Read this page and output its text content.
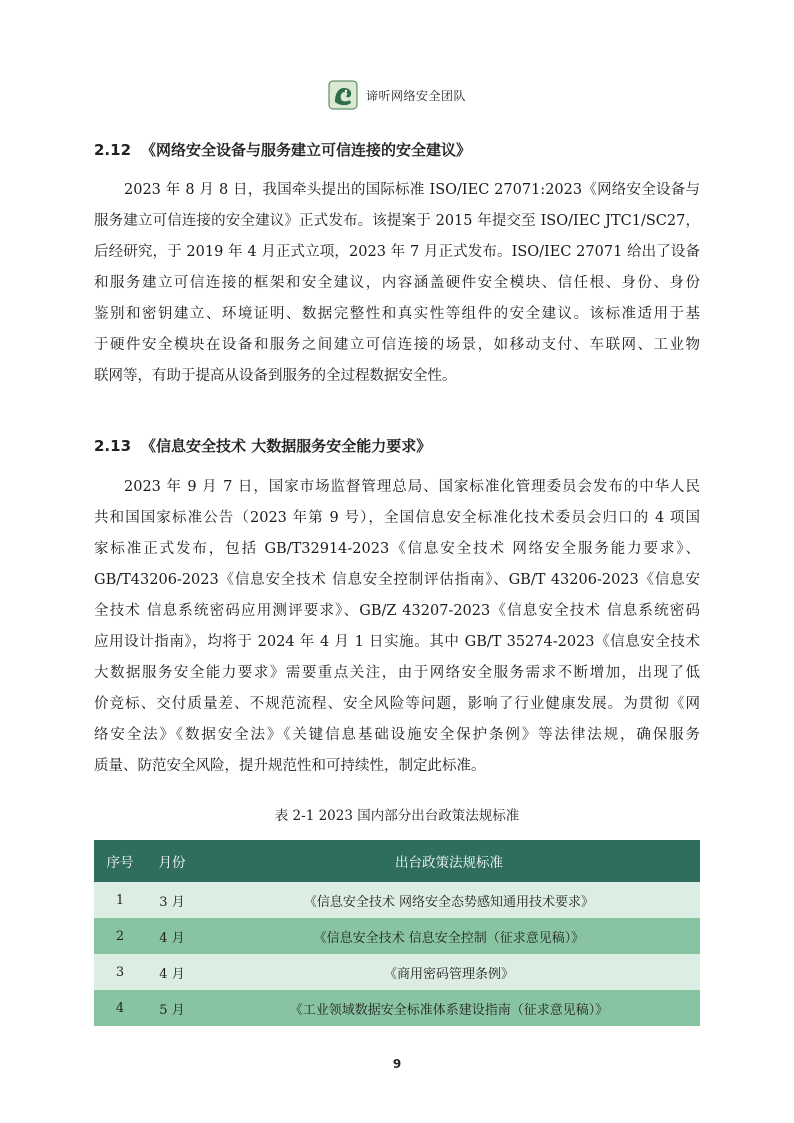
谛听网络安全团队
2.12 《网络安全设备与服务建立可信连接的安全建议》
2023 年 8 月 8 日，我国牵头提出的国际标准 ISO/IEC 27071:2023《网络安全设备与
服务建立可信连接的安全建议》正式发布。该提案于 2015 年提交至 ISO/IEC JTC1/SC27，
后经研究，于 2019 年 4 月正式立项，2023 年 7 月正式发布。ISO/IEC 27071 给出了设备
和服务建立可信连接的框架和安全建议，内容涵盖硬件安全模块、信任根、身份、身份
鉴别和密钥建立、环境证明、数据完整性和真实性等组件的安全建议。该标准适用于基
于硬件安全模块在设备和服务之间建立可信连接的场景，如移动支付、车联网、工业物
联网等，有助于提高从设备到服务的全过程数据安全性。
2.13 《信息安全技术 大数据服务安全能力要求》
2023 年 9 月 7 日，国家市场监督管理总局、国家标准化管理委员会发布的中华人民
共和国国家标准公告（2023 年第 9 号），全国信息安全标准化技术委员会归口的 4 项国
家标准正式发布，包括 GB/T32914-2023《信息安全技术 网络安全服务能力要求》、
GB/T43206-2023《信息安全技术 信息安全控制评估指南》、GB/T 43206-2023《信息安
全技术 信息系统密码应用测评要求》、GB/Z 43207-2023《信息安全技术 信息系统密码
应用设计指南》，均将于 2024 年 4 月 1 日实施。其中 GB/T 35274-2023《信息安全技术
大数据服务安全能力要求》需要重点关注，由于网络安全服务需求不断增加，出现了低
价竞标、交付质量差、不规范流程、安全风险等问题，影响了行业健康发展。为贯彻《网
络安全法》《数据安全法》《关键信息基础设施安全保护条例》等法律法规，确保服务
质量、防范安全风险，提升规范性和可持续性，制定此标准。
表 2-1 2023 国内部分出台政策法规标准
序号	月份	出台政策法规标准
1	3 月	《信息安全技术 网络安全态势感知通用技术要求》
2	4 月	《信息安全技术 信息安全控制（征求意见稿）》
3	4 月	《商用密码管理条例》
4	5 月	《工业领域数据安全标准体系建设指南（征求意见稿）》
9
